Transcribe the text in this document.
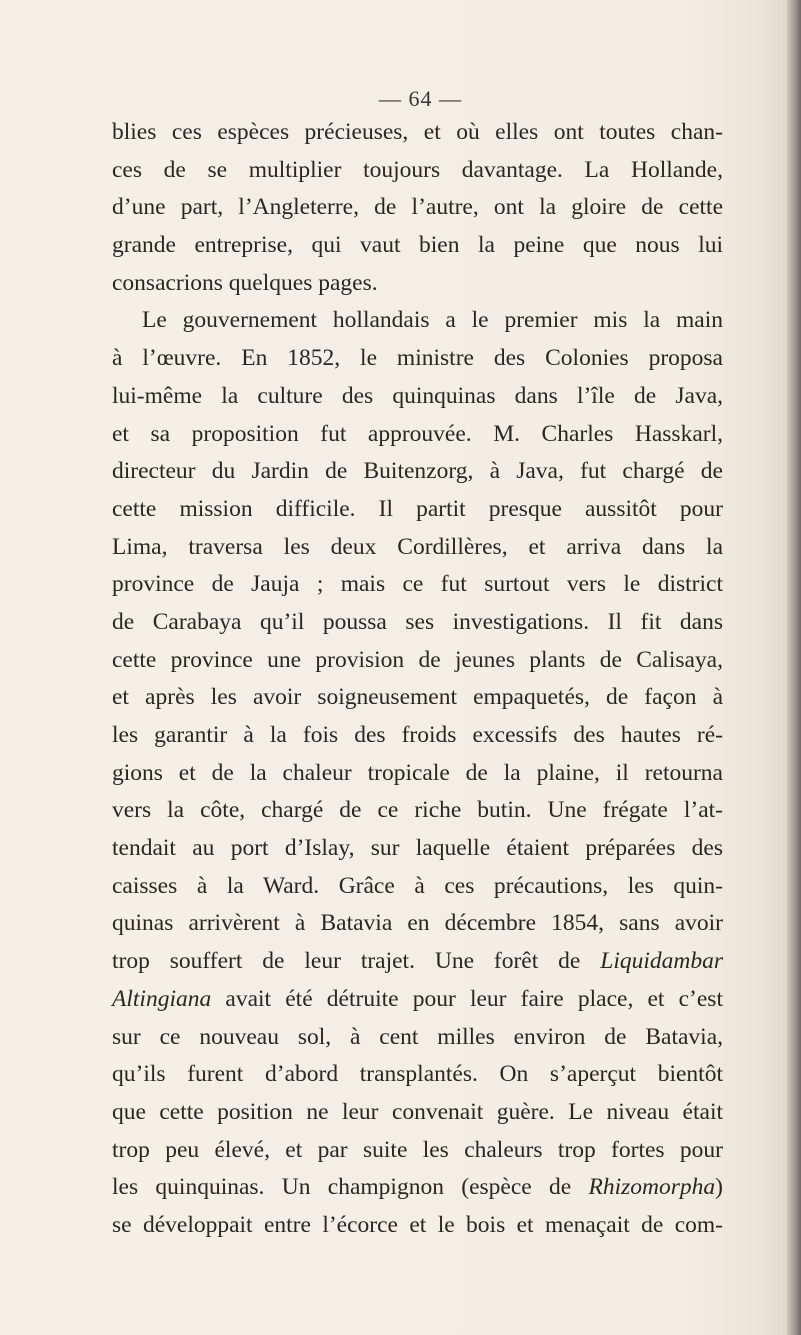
— 64 —
blies ces espèces précieuses, et où elles ont toutes chan-
ces de se multiplier toujours davantage. La Hollande,
d’une part, l’Angleterre, de l’autre, ont la gloire de cette
grande entreprise, qui vaut bien la peine que nous lui
consacrions quelques pages.
Le gouvernement hollandais a le premier mis la main
à l’œuvre. En 1852, le ministre des Colonies proposa
lui-même la culture des quinquinas dans l’île de Java,
et sa proposition fut approuvée. M. Charles Hasskarl,
directeur du Jardin de Buitenzorg, à Java, fut chargé de
cette mission difficile. Il partit presque aussitôt pour
Lima, traversa les deux Cordillères, et arriva dans la
province de Jauja ; mais ce fut surtout vers le district
de Carabaya qu’il poussa ses investigations. Il fit dans
cette province une provision de jeunes plants de Calisaya,
et après les avoir soigneusement empaquetés, de façon à
les garantir à la fois des froids excessifs des hautes ré-
gions et de la chaleur tropicale de la plaine, il retourna
vers la côte, chargé de ce riche butin. Une frégate l’at-
tendait au port d’Islay, sur laquelle étaient préparées des
caisses à la Ward. Grâce à ces précautions, les quin-
quinas arrivèrent à Batavia en décembre 1854, sans avoir
trop souffert de leur trajet. Une forêt de Liquidambar
Altingiana avait été détruite pour leur faire place, et c’est
sur ce nouveau sol, à cent milles environ de Batavia,
qu’ils furent d’abord transplantés. On s’aperçut bientôt
que cette position ne leur convenait guère. Le niveau était
trop peu élevé, et par suite les chaleurs trop fortes pour
les quinquinas. Un champignon (espèce de Rhizomorpha)
se développait entre l’écorce et le bois et menaçait de com-
